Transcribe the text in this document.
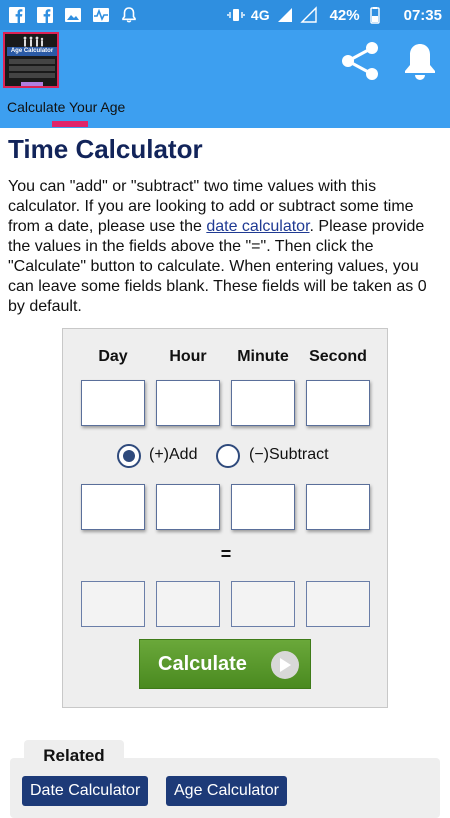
4G	42%	07:35
Age Calculator
Calculate Your Age
Time Calculator

You can "add" or "subtract" two time values with this calculator. If you are looking to add or subtract some time from a date, please use the date calculator. Please provide the values in the fields above the "=". Then click the "Calculate" button to calculate. When entering values, you can leave some fields blank. These fields will be taken as 0 by default.

Day	Hour	Minute	Second
(+)Add	(−)Subtract
=
Calculate
Related
Date Calculator	Age Calculator
